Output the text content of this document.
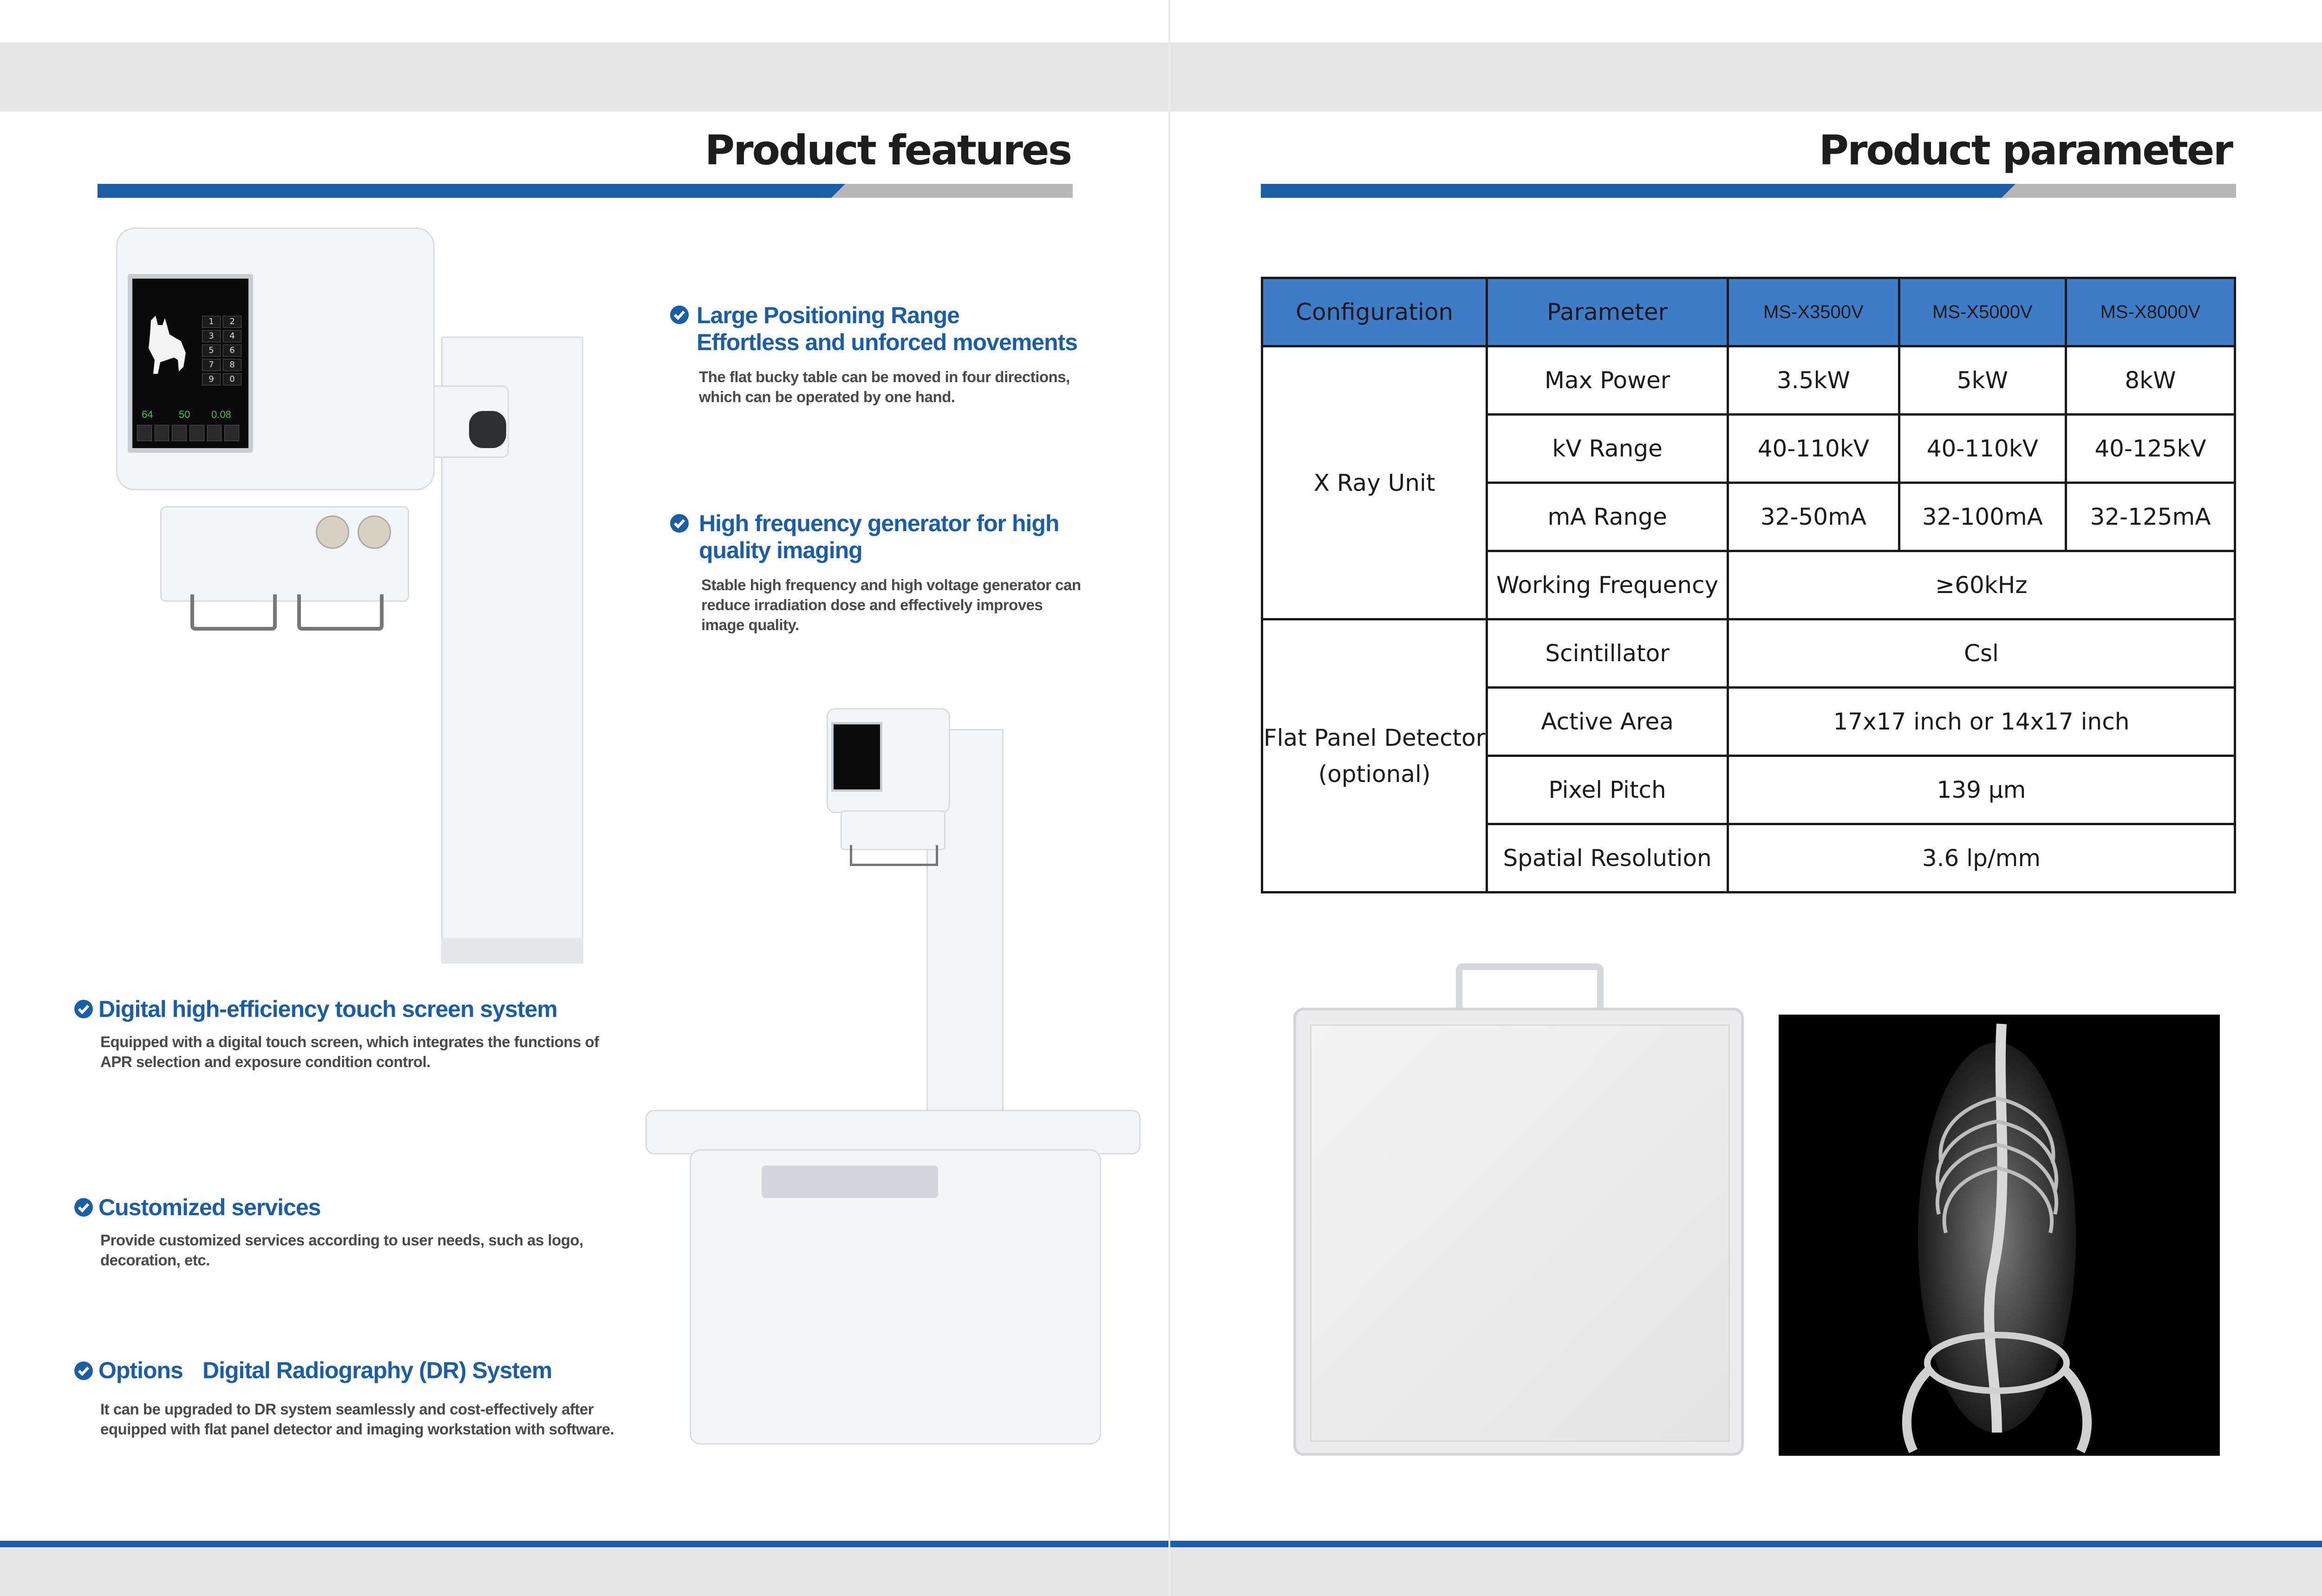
Product features
1	2
3	4
5	6
7	8
9	0
64	50 0.08
Large Positioning Range
Effortless and unforced movements
The flat bucky table can be moved in four directions,
which can be operated by one hand.
High frequency generator for high
quality imaging
Stable high frequency and high voltage generator can
reduce irradiation dose and effectively improves
image quality.
Digital high-efficiency touch screen system
Equipped with a digital touch screen, which integrates the functions of
APR selection and exposure condition control.
Customized services
Provide customized services according to user needs, such as logo,
decoration, etc.
Options Digital Radiography (DR) System
It can be upgraded to DR system seamlessly and cost-effectively after
equipped with flat panel detector and imaging workstation with software.
Product parameter
Configuration	Parameter	MS-X3500V	MS-X5000V	MS-X8000V
X Ray Unit	Max Power	3.5kW	5kW	8kW
	kV Range	40-110kV	40-110kV	40-125kV
	mA Range	32-50mA	32-100mA	32-125mA
	Working Frequency	≥60kHz		
Flat Panel Detector
(optional)	Scintillator	Csl		
	Active Area	17x17 inch or 14x17 inch		
	Pixel Pitch	139 μm		
	Spatial Resolution	3.6 lp/mm		
